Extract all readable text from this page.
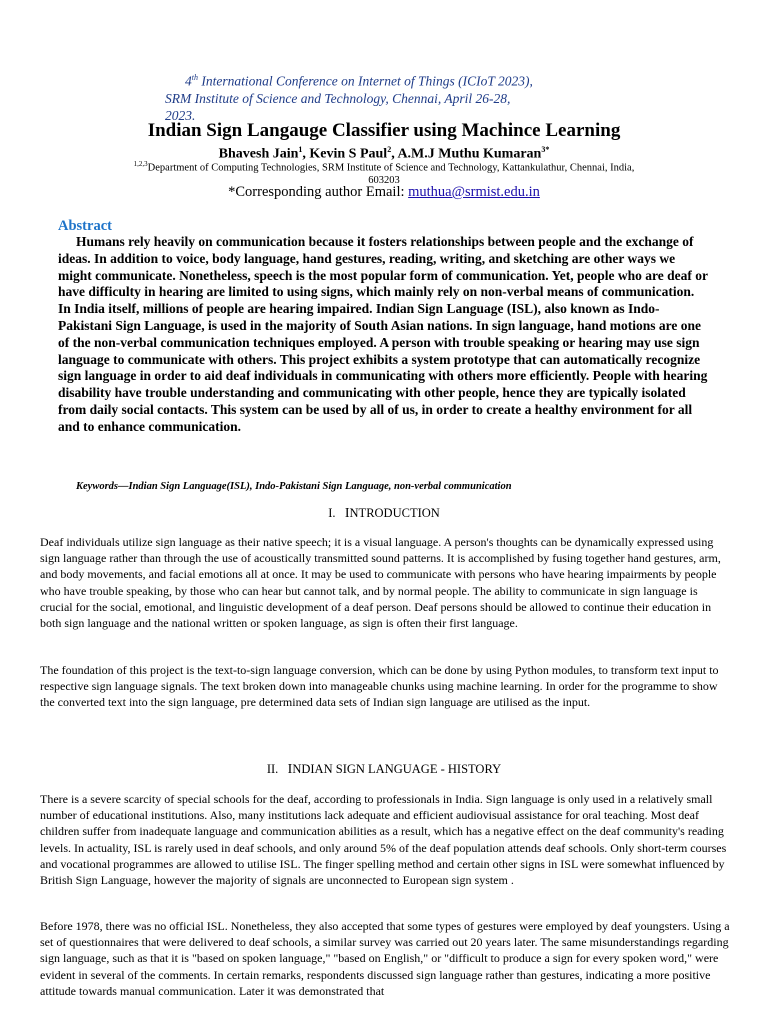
4th International Conference on Internet of Things (ICIoT 2023),
SRM Institute of Science and Technology, Chennai, April 26-28,
2023.
Indian Sign Langauge Classifier using Machince Learning
Bhavesh Jain$^1$, Kevin S Paul$^2$, A.M.J Muthu Kumaran$^{3*}$
$^{1,2,3}$Department of Computing Technologies, SRM Institute of Science and Technology, Kattankulathur, Chennai, India,
603203
*Corresponding author Email: muthua@srmist.edu.in
Abstract
Humans rely heavily on communication because it fosters relationships between people and the exchange of ideas. In addition to voice, body language, hand gestures, reading, writing, and sketching are other ways we might communicate. Nonetheless, speech is the most popular form of communication. Yet, people who are deaf or have difficulty in hearing are limited to using signs, which mainly rely on non-verbal means of communication. In India itself, millions of people are hearing impaired. Indian Sign Language (ISL), also known as Indo-Pakistani Sign Language, is used in the majority of South Asian nations. In sign language, hand motions are one of the non-verbal communication techniques employed. A person with trouble speaking or hearing may use sign language to communicate with others. This project exhibits a system prototype that can automatically recognize sign language in order to aid deaf individuals in communicating with others more efficiently. People with hearing disability have trouble understanding and communicating with other people, hence they are typically isolated from daily social contacts. This system can be used by all of us, in order to create a healthy environment for all and to enhance communication.
Keywords—Indian Sign Language(ISL), Indo-Pakistani Sign Language, non-verbal communication
I. INTRODUCTION
Deaf individuals utilize sign language as their native speech; it is a visual language. A person's thoughts can be dynamically expressed using sign language rather than through the use of acoustically transmitted sound patterns. It is accomplished by fusing together hand gestures, arm, and body movements, and facial emotions all at once. It may be used to communicate with persons who have hearing impairments by people who have trouble speaking, by those who can hear but cannot talk, and by normal people. The ability to communicate in sign language is crucial for the social, emotional, and linguistic development of a deaf person. Deaf persons should be allowed to continue their education in both sign language and the national written or spoken language, as sign is often their first language.
The foundation of this project is the text-to-sign language conversion, which can be done by using Python modules, to transform text input to respective sign language signals. The text broken down into manageable chunks using machine learning. In order for the programme to show the converted text into the sign language, pre determined data sets of Indian sign language are utilised as the input.
II. INDIAN SIGN LANGUAGE - HISTORY
There is a severe scarcity of special schools for the deaf, according to professionals in India. Sign language is only used in a relatively small number of educational institutions. Also, many institutions lack adequate and efficient audiovisual assistance for oral teaching. Most deaf children suffer from inadequate language and communication abilities as a result, which has a negative effect on the deaf community's reading levels. In actuality, ISL is rarely used in deaf schools, and only around 5% of the deaf population attends deaf schools. Only short-term courses and vocational programmes are allowed to utilise ISL. The finger spelling method and certain other signs in ISL were somewhat influenced by British Sign Language, however the majority of signals are unconnected to European sign system .
Before 1978, there was no official ISL. Nonetheless, they also accepted that some types of gestures were employed by deaf youngsters. Using a set of questionnaires that were delivered to deaf schools, a similar survey was carried out 20 years later. The same misunderstandings regarding sign language, such as that it is "based on spoken language," "based on English," or "difficult to produce a sign for every spoken word," were evident in several of the comments. In certain remarks, respondents discussed sign language rather than gestures, indicating a more positive attitude towards manual communication. Later it was demonstrated that
